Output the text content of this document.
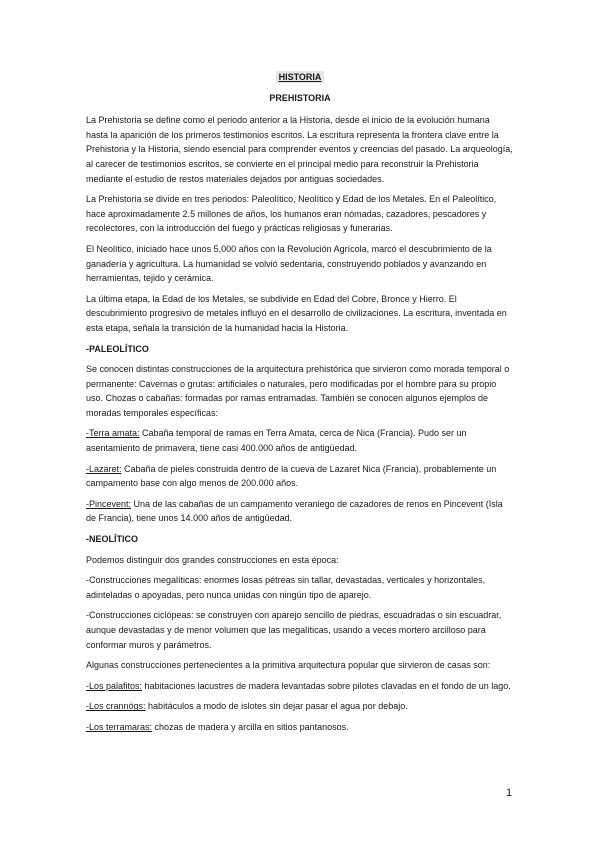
HISTORIA
PREHISTORIA

La Prehistoria se define como el periodo anterior a la Historia, desde el inicio de la evolución humana hasta la aparición de los primeros testimonios escritos. La escritura representa la frontera clave entre la Prehistoria y la Historia, siendo esencial para comprender eventos y creencias del pasado. La arqueología, al carecer de testimonios escritos, se convierte en el principal medio para reconstruir la Prehistoria mediante el estudio de restos materiales dejados por antiguas sociedades.

La Prehistoria se divide en tres periodos: Paleolítico, Neolítico y Edad de los Metales. En el Paleolítico, hace aproximadamente 2.5 millones de años, los humanos eran nómadas, cazadores, pescadores y recolectores, con la introducción del fuego y prácticas religiosas y funerarias.

El Neolítico, iniciado hace unos 5,000 años con la Revolución Agrícola, marcó el descubrimiento de la ganadería y agricultura. La humanidad se volvió sedentaria, construyendo poblados y avanzando en herramientas, tejido y cerámica.

La última etapa, la Edad de los Metales, se subdivide en Edad del Cobre, Bronce y Hierro. El descubrimiento progresivo de metales influyó en el desarrollo de civilizaciones. La escritura, inventada en esta etapa, señala la transición de la humanidad hacia la Historia.

-PALEOLÍTICO

Se conocen distintas construcciones de la arquitectura prehistórica que sirvieron como morada temporal o permanente: Cavernas o grutas: artificiales o naturales, pero modificadas por el hombre para su propio uso. Chozas o cabañas: formadas por ramas entramadas. También se conocen algunos ejemplos de moradas temporales específicas:

-Terra amata: Cabaña temporal de ramas en Terra Amata, cerca de Nica (Francia). Pudo ser un asentamiento de primavera, tiene casi 400.000 años de antigüedad.

-Lazaret: Cabaña de pieles construida dentro de la cueva de Lazaret Nica (Francia), probablemente un campamento base con algo menos de 200.000 años.

-Pincevent: Una de las cabañas de un campamento veraniego de cazadores de renos en Pincevent (Isla de Francia), tiene unos 14.000 años de antigüedad.

-NEOLÍTICO

Podemos distinguir dos grandes construcciones en esta época:

-Construcciones megalíticas: enormes losas pétreas sin tallar, devastadas, verticales y horizontales, adinteladas o apoyadas, pero nunca unidas con ningún tipo de aparejo.

-Construcciones ciclópeas: se construyen con aparejo sencillo de piedras, escuadradas o sin escuadrar, aunque devastadas y de menor volumen que las megalíticas, usando a veces mortero arcilloso para conformar muros y parámetros.

Algunas construcciones pertenecientes a la primitiva arquitectura popular que sirvieron de casas son:

-Los palafitos: habitaciones lacustres de madera levantadas sobre pilotes clavadas en el fondo de un lago.

-Los crannógs: habitáculos a modo de islotes sin dejar pasar el agua por debajo.

-Los terramaras: chozas de madera y arcilla en sitios pantanosos.

1
